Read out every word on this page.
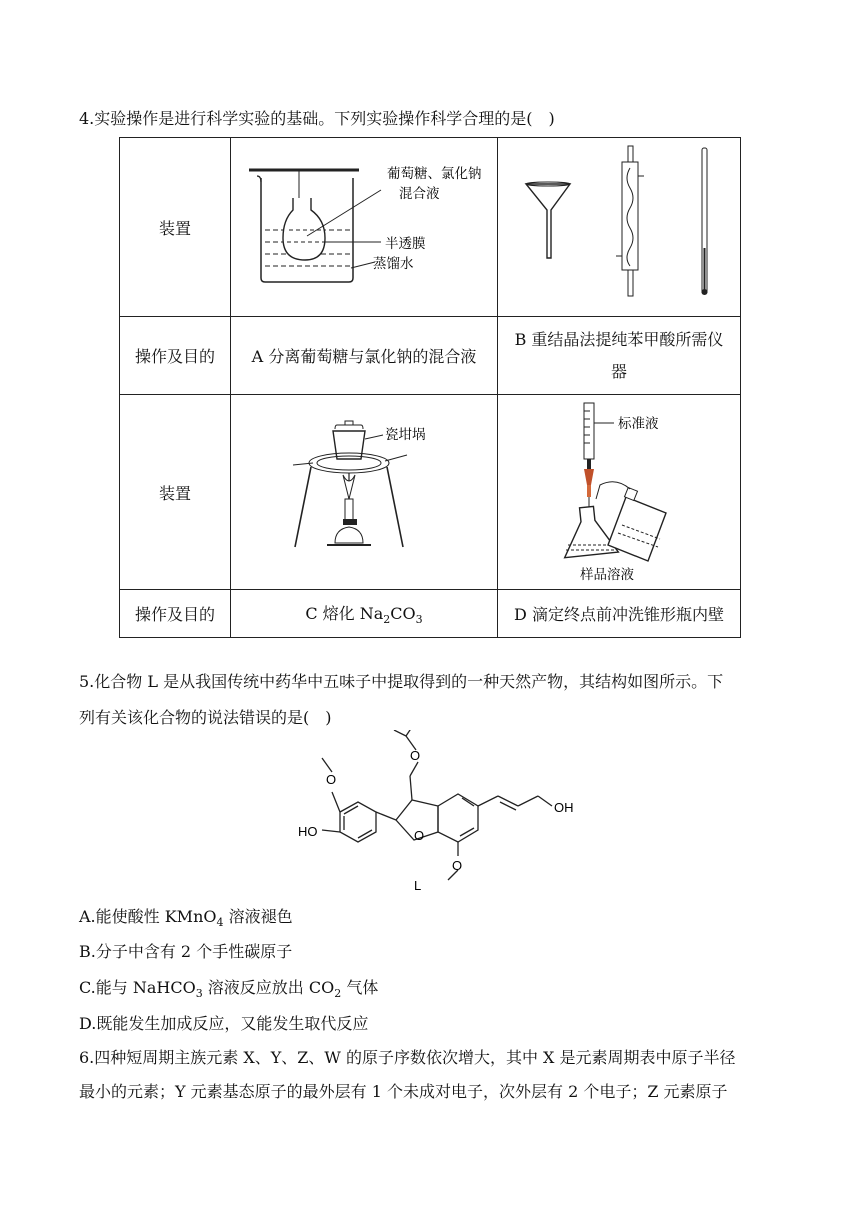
4.实验操作是进行科学实验的基础。下列实验操作科学合理的是(　)
装置	葡萄糖、氯化钠
混合液
半透膜
蒸馏水

操作及目的	A 分离葡萄糖与氯化钠的混合液	B 重结晶法提纯苯甲酸所需仪
器
装置	瓷坩埚	标准液
样品溶液

操作及目的	C 熔化 $Na_2CO_3$	D 滴定终点前冲洗锥形瓶内壁
5.化合物 L 是从我国传统中药华中五味子中提取得到的一种天然产物，其结构如图所示。下
列有关该化合物的说法错误的是(　)
O
O
HO	O
O
OH
L
A.能使酸性 KMnO$_4$ 溶液褪色
B.分子中含有 2 个手性碳原子
C.能与 NaHCO$_3$ 溶液反应放出 $CO_2$ 气体
D.既能发生加成反应，又能发生取代反应
6.四种短周期主族元素 X、Y、Z、W 的原子序数依次增大，其中 X 是元素周期表中原子半径
最小的元素；Y 元素基态原子的最外层有 1 个未成对电子，次外层有 2 个电子；Z 元素原子
